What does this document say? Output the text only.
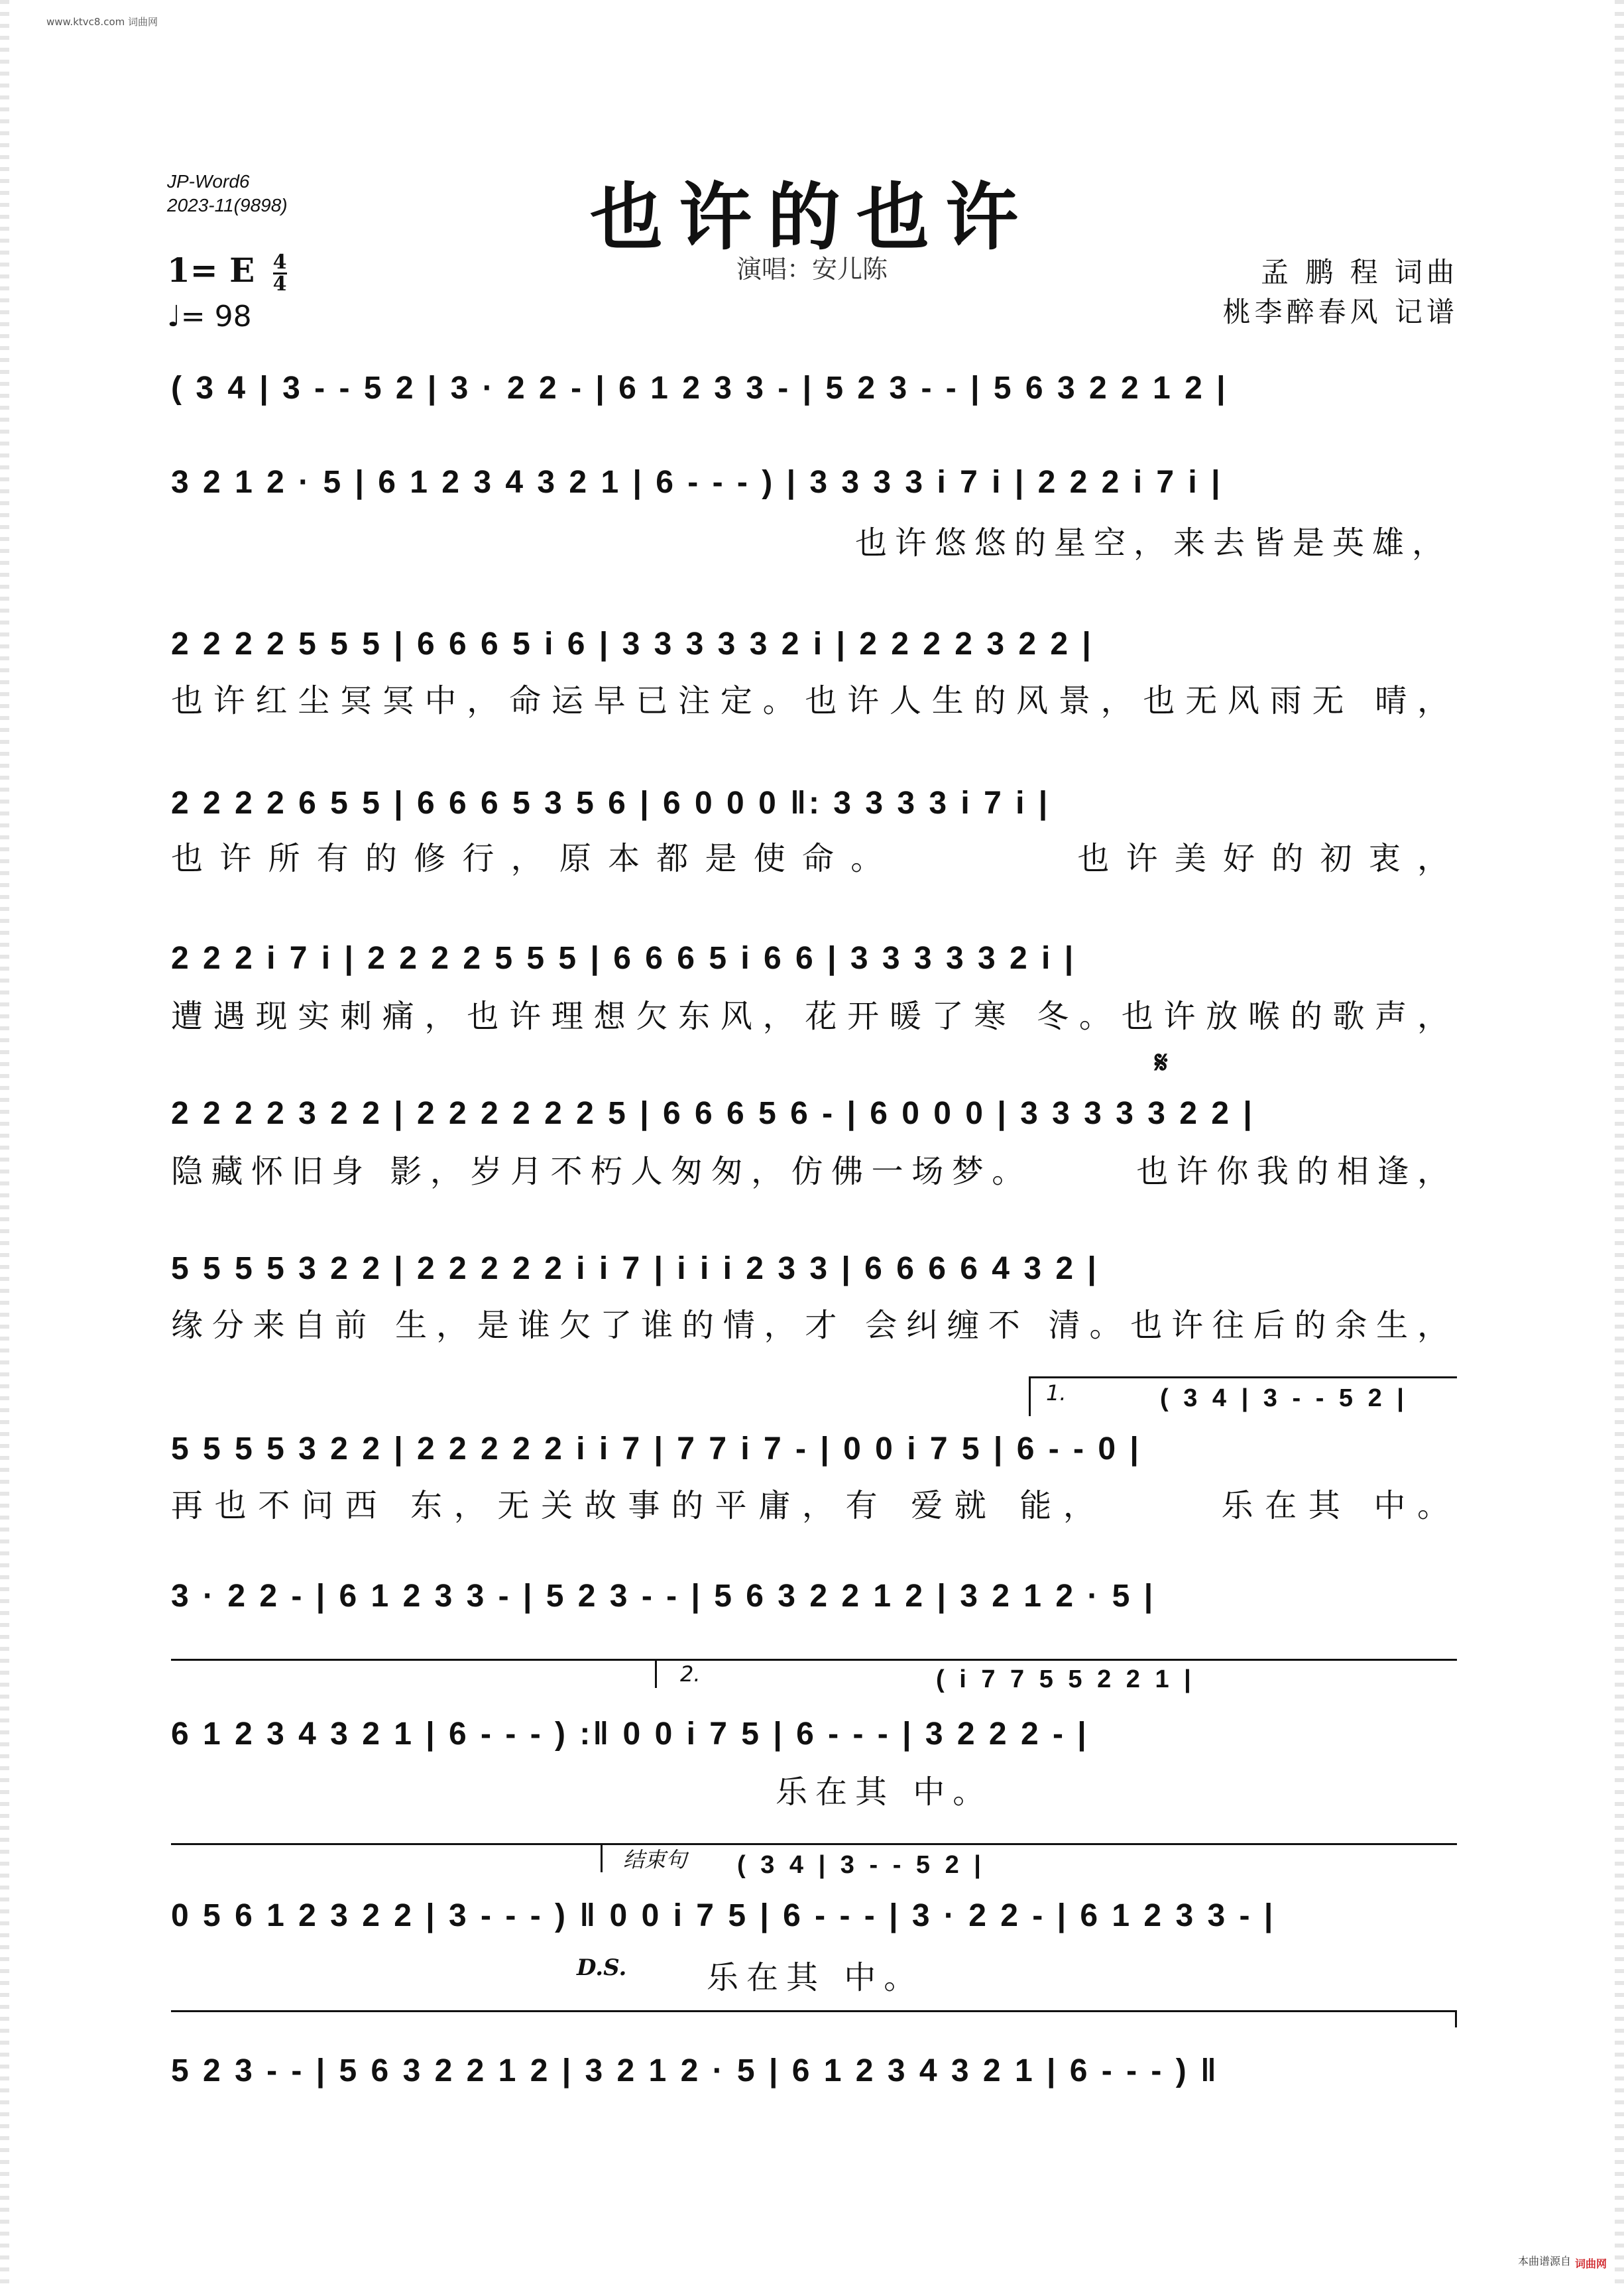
www.ktvc8.com 词曲网
JP-Word6
2023-11(9898)	也许的也许
演唱：安儿陈	孟 鹏 程 词曲
桃李醉春风 记谱
1= E $\frac{4}{4}$
♩= 98
( 3 4 | 3 - - 5 2 | 3 · 2 2 - | 6 1 2 3 3 - | 5 2 3 - - | 5 6 3 2 2 1 2 |
3 2 1 2 · 5 | 6 1 2 3 4 3 2 1 | 6 - - - ) | 3 3 3 3 i 7 i | 2 2 2 i 7 i |
也许悠悠的星空，来去皆是英雄，
2 2 2 2 5 5 5 | 6 6 6 5 i 6 | 3 3 3 3 3 2 i | 2 2 2 2 3 2 2 |
也许红尘冥冥中，命运早已注定。也许人生的风景，也无风雨无 晴，
2 2 2 2 6 5 5 | 6 6 6 5 3 5 6 | 6 0 0 0 ‖: 3 3 3 3 i 7 i |
也许所有的修行，原本都是使命。　　　　也许美好的初衷，
2 2 2 i 7 i | 2 2 2 2 5 5 5 | 6 6 6 5 i 6 6 | 3 3 3 3 3 2 i |
遭遇现实刺痛，也许理想欠东风，花开暖了寒 冬。也许放喉的歌声，
𝄋
2 2 2 2 3 2 2 | 2 2 2 2 2 2 5 | 6 6 6 5 6 - | 6 0 0 0 | 3 3 3 3 3 2 2 |
隐藏怀旧身 影，岁月不朽人匆匆，仿佛一场梦。　　　也许你我的相逢，
5 5 5 5 3 2 2 | 2 2 2 2 2 i i 7 | i i i 2 3 3 | 6 6 6 6 4 3 2 |
缘分来自前 生，是谁欠了谁的情，才 会纠缠不 清。也许往后的余生，
1.	( 3 4 | 3 - - 5 2 |
5 5 5 5 3 2 2 | 2 2 2 2 2 i i 7 | 7 7 i 7 - | 0 0 i 7 5 | 6 - - 0 |
再也不问西 东，无关故事的平庸，有 爱就 能，　　　乐在其 中。
3 · 2 2 - | 6 1 2 3 3 - | 5 2 3 - - | 5 6 3 2 2 1 2 | 3 2 1 2 · 5 |
2.	( i 7 7 5 5 2 2 1 |
6 1 2 3 4 3 2 1 | 6 - - - ) :‖ 0 0 i 7 5 | 6 - - - | 3 2 2 2 - |
乐在其 中。
结束句 ( 3 4 | 3 - - 5 2 |
0 5 6 1 2 3 2 2 | 3 - - - ) ‖ 0 0 i 7 5 | 6 - - - | 3 · 2 2 - | 6 1 2 3 3 - |
D.S.	乐在其 中。
5 2 3 - - | 5 6 3 2 2 1 2 | 3 2 1 2 · 5 | 6 1 2 3 4 3 2 1 | 6 - - - ) ‖
本曲谱源自 词曲网
